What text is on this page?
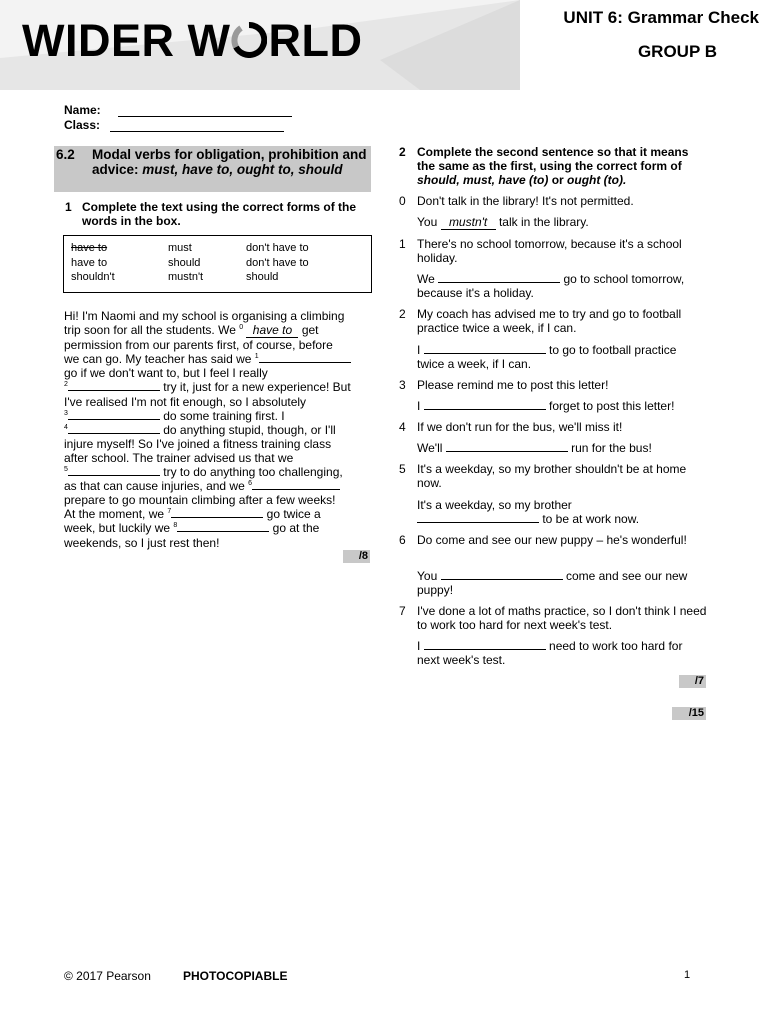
WIDER W RLD	UNIT 6: Grammar Check
GROUP B
Name:
Class:
6.2 Modal verbs for obligation, prohibition and advice: must, have to, ought to, should
1 Complete the text using the correct forms of the words in the box.
have to	must	don't have to
have to	should	don't have to
shouldn't	mustn't	should

Hi! I'm Naomi and my school is organising a climbing

trip soon for all the students. We $^0$ have to get

permission from our parents first, of course, before

we can go. My teacher has said we $^1$

go if we don't want to, but I feel I really

$^2$	try it, just for a new experience! But

I've realised I'm not fit enough, so I absolutely

$^3$	do some training first. I

$^4$	do anything stupid, though, or I'll

injure myself! So I've joined a fitness training class

after school. The trainer advised us that we

$^5$	try to do anything too challenging,

as that can cause injuries, and we $^6$

prepare to go mountain climbing after a few weeks!

At the moment, we $^7$	go twice a

week, but luckily we $^8$	go at the

weekends, so I just rest then!

/8
2 Complete the second sentence so that it means the same as the first, using the correct form of should, must, have (to) or ought (to).
0 Don't talk in the library! It's not permitted.
You mustn't talk in the library.
1 There's no school tomorrow, because it's a school holiday.
We	go to school tomorrow, because it's a holiday.
2 My coach has advised me to try and go to football practice twice a week, if I can.
I	to go to football practice twice a week, if I can.
3 Please remind me to post this letter!
I	forget to post this letter!
4 If we don't run for the bus, we'll miss it!
We'll	run for the bus!
5 It's a weekday, so my brother shouldn't be at home now.
It's a weekday, so my brother
to be at work now.
6 Do come and see our new puppy – he's wonderful!
You	come and see our new puppy!
7 I've done a lot of maths practice, so I don't think I need to work too hard for next week's test.
I	need to work too hard for next week's test.
/7
/15
© 2017 Pearson	PHOTOCOPIABLE	1
